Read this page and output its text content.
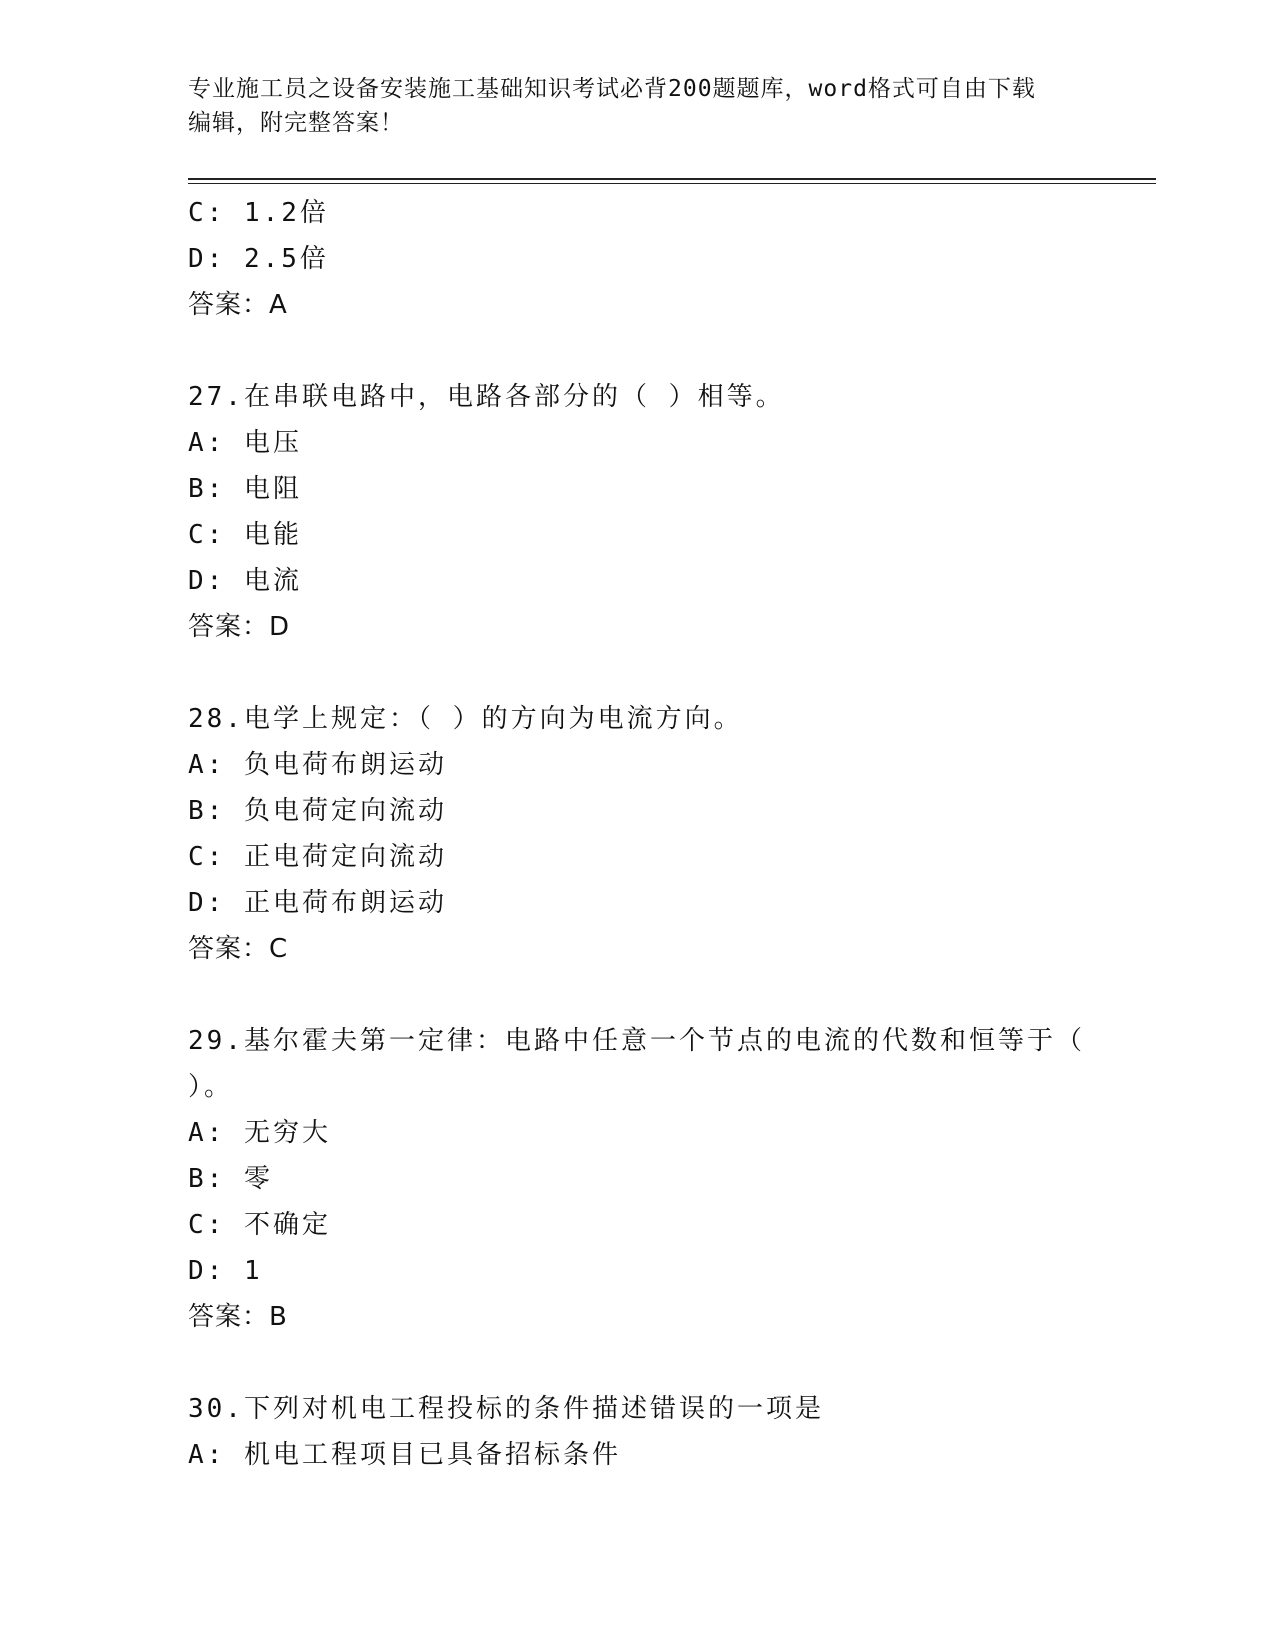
专业施工员之设备安装施工基础知识考试必背200题题库，word格式可自由下载
编辑，附完整答案！
C: 1.2倍
D: 2.5倍
答案：A
27.在串联电路中，电路各部分的（ ）相等。
A: 电压
B: 电阻
C: 电能
D: 电流
答案：D
28.电学上规定：（ ）的方向为电流方向。
A: 负电荷布朗运动
B: 负电荷定向流动
C: 正电荷定向流动
D: 正电荷布朗运动
答案：C
29.基尔霍夫第一定律：电路中任意一个节点的电流的代数和恒等于（
）。
A: 无穷大
B: 零
C: 不确定
D: 1
答案：B
30.下列对机电工程投标的条件描述错误的一项是
A: 机电工程项目已具备招标条件
